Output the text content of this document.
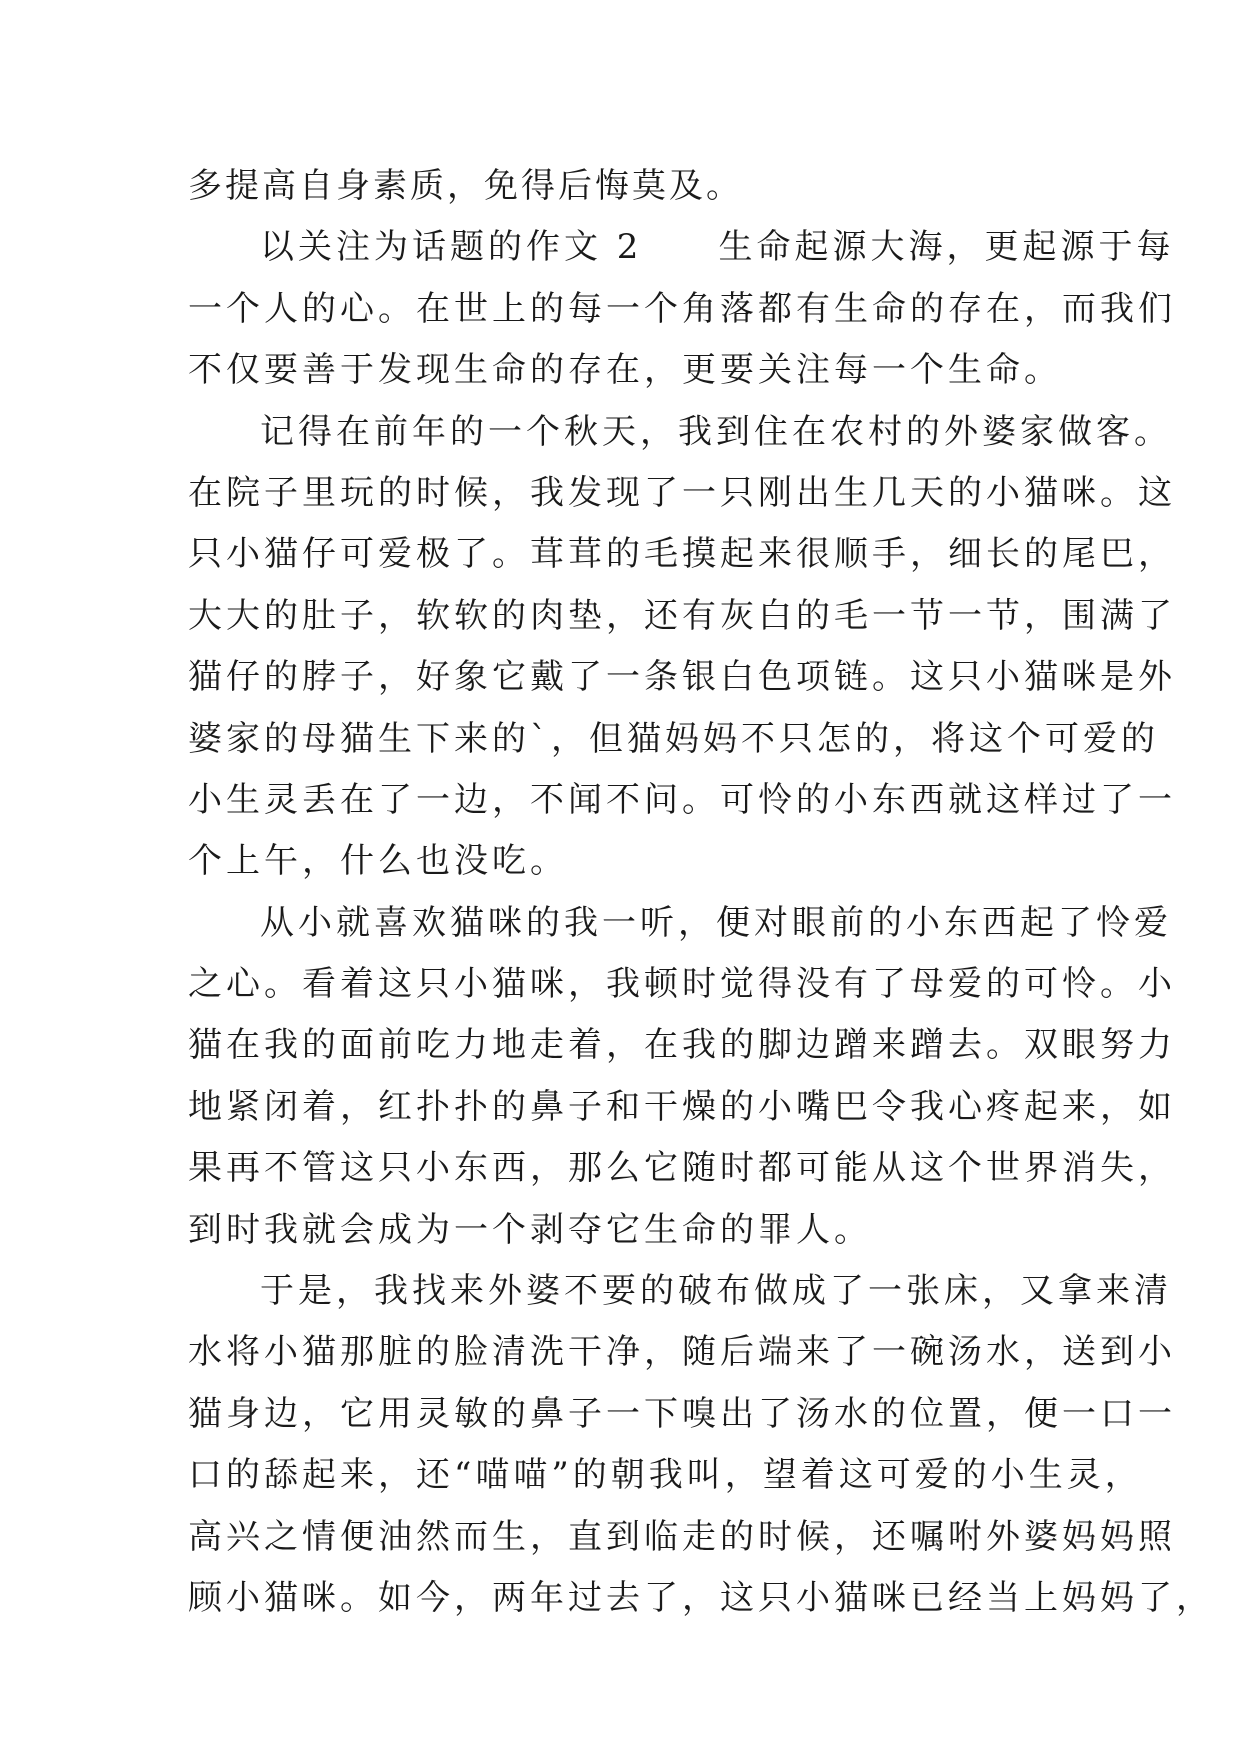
多提高自身素质，免得后悔莫及。
以关注为话题的作文 2　　生命起源大海，更起源于每
一个人的心。在世上的每一个角落都有生命的存在，而我们
不仅要善于发现生命的存在，更要关注每一个生命。
记得在前年的一个秋天，我到住在农村的外婆家做客。
在院子里玩的时候，我发现了一只刚出生几天的小猫咪。这
只小猫仔可爱极了。茸茸的毛摸起来很顺手，细长的尾巴，
大大的肚子，软软的肉垫，还有灰白的毛一节一节，围满了
猫仔的脖子，好象它戴了一条银白色项链。这只小猫咪是外
婆家的母猫生下来的`，但猫妈妈不只怎的，将这个可爱的
小生灵丢在了一边，不闻不问。可怜的小东西就这样过了一
个上午，什么也没吃。
从小就喜欢猫咪的我一听，便对眼前的小东西起了怜爱
之心。看着这只小猫咪，我顿时觉得没有了母爱的可怜。小
猫在我的面前吃力地走着，在我的脚边蹭来蹭去。双眼努力
地紧闭着，红扑扑的鼻子和干燥的小嘴巴令我心疼起来，如
果再不管这只小东西，那么它随时都可能从这个世界消失，
到时我就会成为一个剥夺它生命的罪人。
于是，我找来外婆不要的破布做成了一张床，又拿来清
水将小猫那脏的脸清洗干净，随后端来了一碗汤水，送到小
猫身边，它用灵敏的鼻子一下嗅出了汤水的位置，便一口一
口的舔起来，还“喵喵”的朝我叫，望着这可爱的小生灵，
高兴之情便油然而生，直到临走的时候，还嘱咐外婆妈妈照
顾小猫咪。如今，两年过去了，这只小猫咪已经当上妈妈了，
